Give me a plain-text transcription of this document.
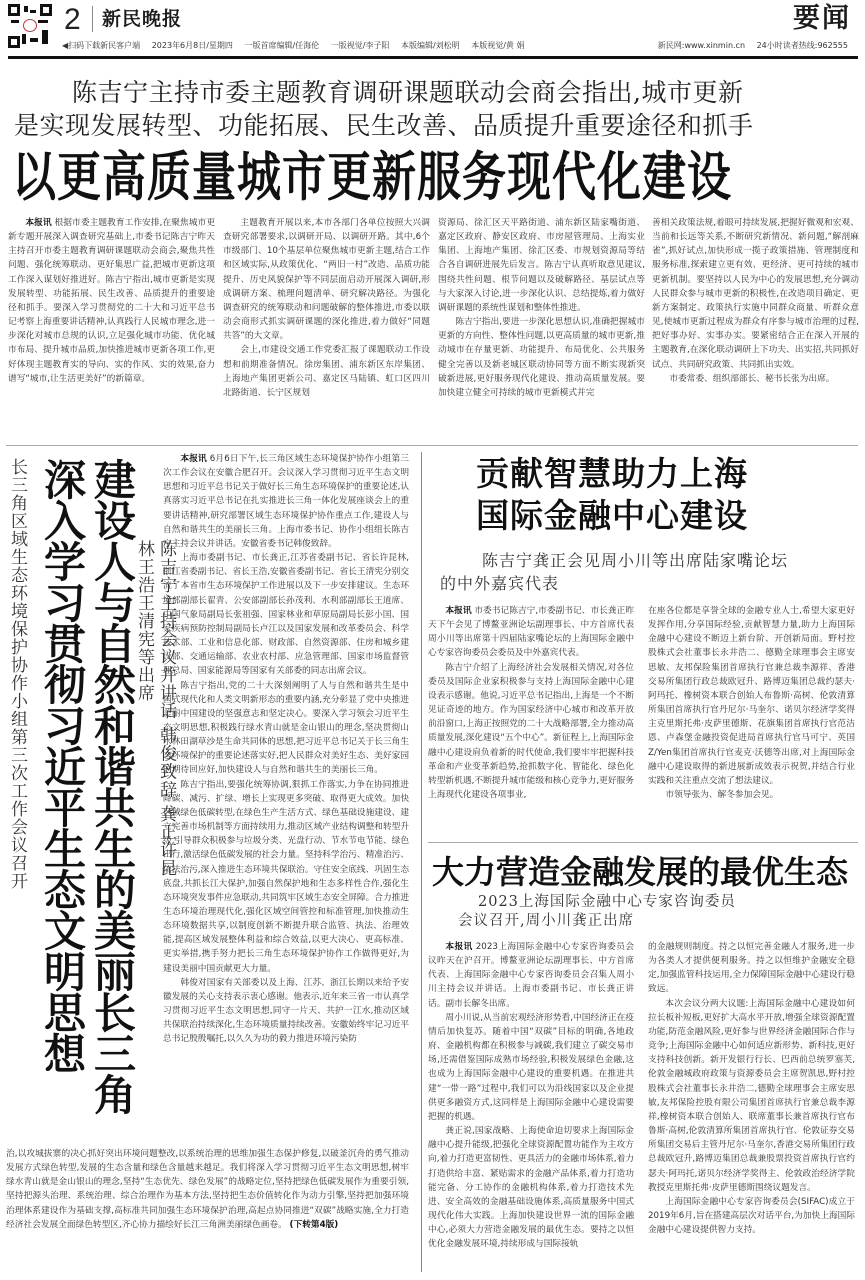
2 新民晚报	要闻
◀扫码下载新民客户端 2023年6月8日/星期四 一版首席编辑/任海伦 一版视觉/李子阳 本版编辑/刘松明 本版视觉/黄 娟	新民网:www.xinmin.cn 24小时读者热线:962555
陈吉宁主持市委主题教育调研课题联动会商会指出,城市更新
是实现发展转型、功能拓展、民生改善、品质提升重要途径和抓手
以更高质量城市更新服务现代化建设

本报讯 根据市委主题教育工作安排,在聚焦城市更新专题开展深入调查研究基础上,市委书记陈吉宁昨天主持召开市委主题教育调研课题联动会商会,聚焦共性问题、强化统筹联动、更好集思广益,把城市更新这项工作深入谋划好推进好。陈吉宁指出,城市更新是实现发展转型、功能拓展、民生改善、品质提升的重要途径和抓手。要深入学习贯彻党的二十大和习近平总书记考察上海重要讲话精神,认真践行人民城市理念,进一步深化对城市总规的认识,立足强化城市功能、优化城市布局、提升城市品质,加快推进城市更新各项工作,更好体现主题教育实的导向、实的作风、实的效果,奋力谱写“城市,让生活更美好”的新篇章。

主题教育开展以来,本市各部门各单位按照大兴调查研究部署要求,以调研开局、以调研开路。其中,6个市级部门、10个基层单位聚焦城市更新主题,结合工作和区域实际,从政策优化、“两旧一村”改造、品质功能提升、历史风貌保护等不同层面启动开展深入调研,形成调研方案、梳理问题清单、研究解决路径。为强化调查研究的统筹联动和问题破解的整体推进,市委以联动会商形式抓实调研课题的深化推进,着力做好“同题共答”的大文章。

会上,市建设交通工作党委汇报了课题联动工作设想和前期准备情况。徐房集团、浦东新区东岸集团、上海地产集团更新公司、嘉定区马陆镇、虹口区四川北路街道、长宁区规划

资源局、徐汇区天平路街道、浦东新区陆家嘴街道、嘉定区政府、静安区政府、市房屋管理局、上海实业集团、上海地产集团、徐汇区委、市规划资源局等结合各自调研进展先后发言。陈吉宁认真听取意见建议,围绕共性问题、根节问题以及破解路径、基层试点等与大家深入讨论,进一步深化认识、总结提炼,着力做好调研课题的系统性谋划和整体性推进。

陈吉宁指出,要进一步深化思想认识,准确把握城市更新的方向性、整体性问题,以更高质量的城市更新,推动城市在存量更新、功能提升、布局优化、公共服务健全完善以及新老城区联动协同等方面不断实现新突破新进展,更好服务现代化建设、推动高质量发展。要加快建立健全可持续的城市更新模式并完

善相关政策法规,着眼可持续发展,把握好微观和宏观、当前和长远等关系,不断研究新情况、新问题,“解剖麻雀”,抓好试点,加快形成一揽子政策措施、管理制度和服务标准,探索建立更有效、更经济、更可持续的城市更新机制。要坚持以人民为中心的发展思想,充分调动人民群众参与城市更新的积极性,在改造项目确定、更新方案制定、政策执行实施中同群众商量、听群众意见,使城市更新过程成为群众有序参与城市治理的过程,把好事办好、实事办实。要紧密结合正在深入开展的主题教育,在深化联动调研上下功夫、出实招,共同抓好试点、共同研究政策、共同抓出实效。

市委常委、组织部部长、秘书长张为出席。

长三角区域生态环境保护协作小组第三次工作会议召开 深入学习贯彻习近平生态文明思想 建设人与自然和谐共生的美丽长三角	陈吉宁主持会议并讲话 韩俊致辞 龚正许昆林王浩王清宪等出席

本报讯 6月6日下午,长三角区域生态环境保护协作小组第三次工作会议在安徽合肥召开。会议深入学习贯彻习近平生态文明思想和习近平总书记关于做好长三角生态环境保护的重要论述,认真落实习近平总书记在扎实推进长三角一体化发展座谈会上的重要讲话精神,研究部署区域生态环境保护协作重点工作,建设人与自然和谐共生的美丽长三角。上海市委书记、协作小组组长陈吉宁主持会议并讲话。安徽省委书记韩俊致辞。

上海市委副书记、市长龚正,江苏省委副书记、省长许昆林,浙江省委副书记、省长王浩,安徽省委副书记、省长王清宪分别交流了本省市生态环境保护工作进展以及下一步安排建议。生态环境部副部长翟青、公安部副部长孙茂利、水利部副部长王道席、中国气象局副局长张祖强、国家林业和草原局副局长彭小国、国家疾病预防控制局副局长卢江以及国家发展和改革委员会、科学技术部、工业和信息化部、财政部、自然资源部、住房和城乡建设部、交通运输部、农业农村部、应急管理部、国家市场监督管理总局、国家能源局等国家有关部委的同志出席会议。

陈吉宁指出,党的二十大深刻阐明了人与自然和谐共生是中国式现代化和人类文明新形态的重要内涵,充分彰显了党中央推进美丽中国建设的坚强意志和坚定决心。要深入学习领会习近平生态文明思想,积极践行绿水青山就是金山银山的理念,坚决贯彻山水林田湖草沙是生命共同体的思想,把习近平总书记关于长三角生态环境保护的重要论述落实好,把人民群众对美好生态、美好家园的期待回应好,加快建设人与自然和谐共生的美丽长三角。

陈吉宁指出,要强化统筹协调,狠抓工作落实,力争在协同推进降碳、减污、扩绿、增长上实现更多突破、取得更大成效。加快区域绿色低碳转型,在绿色生产生活方式、绿色基础设施建设、建立完善市场机制等方面持续用力,推动区域产业结构调整和转型升级,引导群众积极参与垃圾分类、光盘行动、节水节电节能、绿色出行,激活绿色低碳发展的社会力量。坚持科学治污、精准治污、依法治污,深入推进生态环境共保联治。守住安全底线、巩固生态底盘,共抓长江大保护,加强自然保护地和生态多样性合作,强化生态环境突发事件应急联动,共同筑牢区域生态安全屏障。合力推进生态环境治理现代化,强化区域空间管控和标准管理,加快推动生态环境数据共享,以制度创新不断提升联合监管、执法、治理效能,提高区域发展整体利益和综合效益,以更大决心、更高标准、更实举措,携手努力把长三角生态环境保护协作工作做得更好,为建设美丽中国贡献更大力量。

韩俊对国家有关部委以及上海、江苏、浙江长期以来给予安徽发展的关心支持表示衷心感谢。他表示,近年来三省一市认真学习贯彻习近平生态文明思想,同守一片天、共护一江水,推动区域共保联治持续深化,生态环境质量持续改善。安徽始终牢记习近平总书记殷殷嘱托,以久久为功的毅力推进环境污染防

治,以攻城拔寨的决心抓好突出环境问题整改,以系统治理的思维加强生态保护修复,以破釜沉舟的勇气推动发展方式绿色转型,发展的生态含量和绿色含量越来越足。我们将深入学习贯彻习近平生态文明思想,树牢绿水青山就是金山银山的理念,坚持“生态优先、绿色发展”的战略定位,坚持把绿色低碳发展作为重要引领,坚持把源头治理、系统治理、综合治理作为基本方法,坚持把生态价值转化作为动力引擎,坚持把加强环境治理体系建设作为基础支撑,高标准共同加强生态环境保护治理,高起点协同推进“双碳”战略实施,全力打造经济社会发展全面绿色转型区,齐心协力描绘好长江三角洲美丽绿色画卷。 (下转第4版)

贡献智慧助力上海
国际金融中心建设
陈吉宁龚正会见周小川等出席陆家嘴论坛
的中外嘉宾代表

本报讯 市委书记陈吉宁,市委副书记、市长龚正昨天下午会见了博鳌亚洲论坛副理事长、中方首席代表周小川等出席第十四届陆家嘴论坛的上海国际金融中心专家咨询委员会委员及中外嘉宾代表。

陈吉宁介绍了上海经济社会发展相关情况,对各位委员及国际企业家积极参与支持上海国际金融中心建设表示感谢。他说,习近平总书记指出,上海是一个不断见证奇迹的地方。作为国家经济中心城市和改革开放前沿窗口,上海正按照党的二十大战略部署,全力推动高质量发展,深化建设“五个中心”。新征程上,上海国际金融中心建设肩负着新的时代使命,我们要牢牢把握科技革命和产业变革新趋势,抢抓数字化、智能化、绿色化转型新机遇,不断提升城市能级和核心竞争力,更好服务上海现代化建设各项事业,

在座各位都是享誉全球的金融专业人士,希望大家更好发挥作用,分享国际经验,贡献智慧力量,助力上海国际金融中心建设不断迈上新台阶、开创新局面。野村控股株式会社董事长永井浩二、德勤全球理事会主席安思敏、友邦保险集团首席执行官兼总裁李源祥、香港交易所集团行政总裁欧冠升、路博迈集团总裁约瑟夫·阿玛托、橡树资本联合创始人布鲁斯·高树、伦敦清算所集团首席执行官丹尼尔·马奎尔、诺贝尔经济学奖得主克里斯托弗·皮萨里德斯、花旗集团首席执行官范洁恩、卢森堡金融投资促进局首席执行官马可宁、英国Z/Yen集团首席执行官麦克·沃德等出席,对上海国际金融中心建设取得的新进展新成效表示祝贺,并结合行业实践和关注重点交流了想法建议。

市领导张为、解冬参加会见。

大力营造金融发展的最优生态
2023上海国际金融中心专家咨询委员
会议召开,周小川龚正出席

本报讯 2023上海国际金融中心专家咨询委员会议昨天在沪召开。博鳌亚洲论坛副理事长、中方首席代表、上海国际金融中心专家咨询委员会召集人周小川主持会议并讲话。上海市委副书记、市长龚正讲话。副市长解冬出席。

周小川说,从当前宏观经济形势看,中国经济正在疫情后加快复苏。随着中国“双碳”目标的明确,各地政府、金融机构都在积极参与减碳,我们建立了碳交易市场,还需借鉴国际成熟市场经验,积极发展绿色金融,这也成为上海国际金融中心建设的重要机遇。在推进共建“一带一路”过程中,我们可以为沿线国家以及企业提供更多融资方式,这同样是上海国际金融中心建设需要把握的机遇。

龚正说,国家战略、上海使命迫切要求上海国际金融中心提升能级,把强化全球资源配置功能作为主攻方向,着力打造更富韧性、更具活力的金融市场体系,着力打造供给丰富、紧贴需求的金融产品体系,着力打造功能完备、分工协作的金融机构体系,着力打造技术先进、安全高效的金融基础设施体系,高质量服务中国式现代化伟大实践。上海加快建设世界一流的国际金融中心,必须大力营造金融发展的最优生态。要持之以恒优化金融发展环境,持续形成与国际接轨

的金融规则制度。持之以恒完善金融人才服务,进一步为各类人才提供便利服务。持之以恒维护金融安全稳定,加强监管科技运用,全力保障国际金融中心建设行稳致远。

本次会议分两大议题:上海国际金融中心建设如何拉长板补短板,更好扩大高水平开放,增强全球资源配置功能,防范金融风险,更好参与世界经济金融国际合作与竞争;上海国际金融中心如何适应新形势、新科技,更好支持科技创新。新开发银行行长、巴西前总统罗塞芙,伦敦金融城政府政策与资源委员会主席贺凯思,野村控股株式会社董事长永井浩二,德勤全球理事会主席安思敏,友邦保险控股有限公司集团首席执行官兼总裁李源祥,橡树资本联合创始人、联席董事长兼首席执行官布鲁斯·高树,伦敦清算所集团首席执行官、伦敦证券交易所集团交易后主管丹尼尔·马奎尔,香港交易所集团行政总裁欧冠升,路博迈集团总裁兼股票投资首席执行官约瑟夫·阿玛托,诺贝尔经济学奖得主、伦敦政治经济学院教授克里斯托弗·皮萨里德斯围绕议题发言。

上海国际金融中心专家咨询委员会(SIFAC)成立于2019年6月,旨在搭建高层次对话平台,为加快上海国际金融中心建设提供智力支持。
